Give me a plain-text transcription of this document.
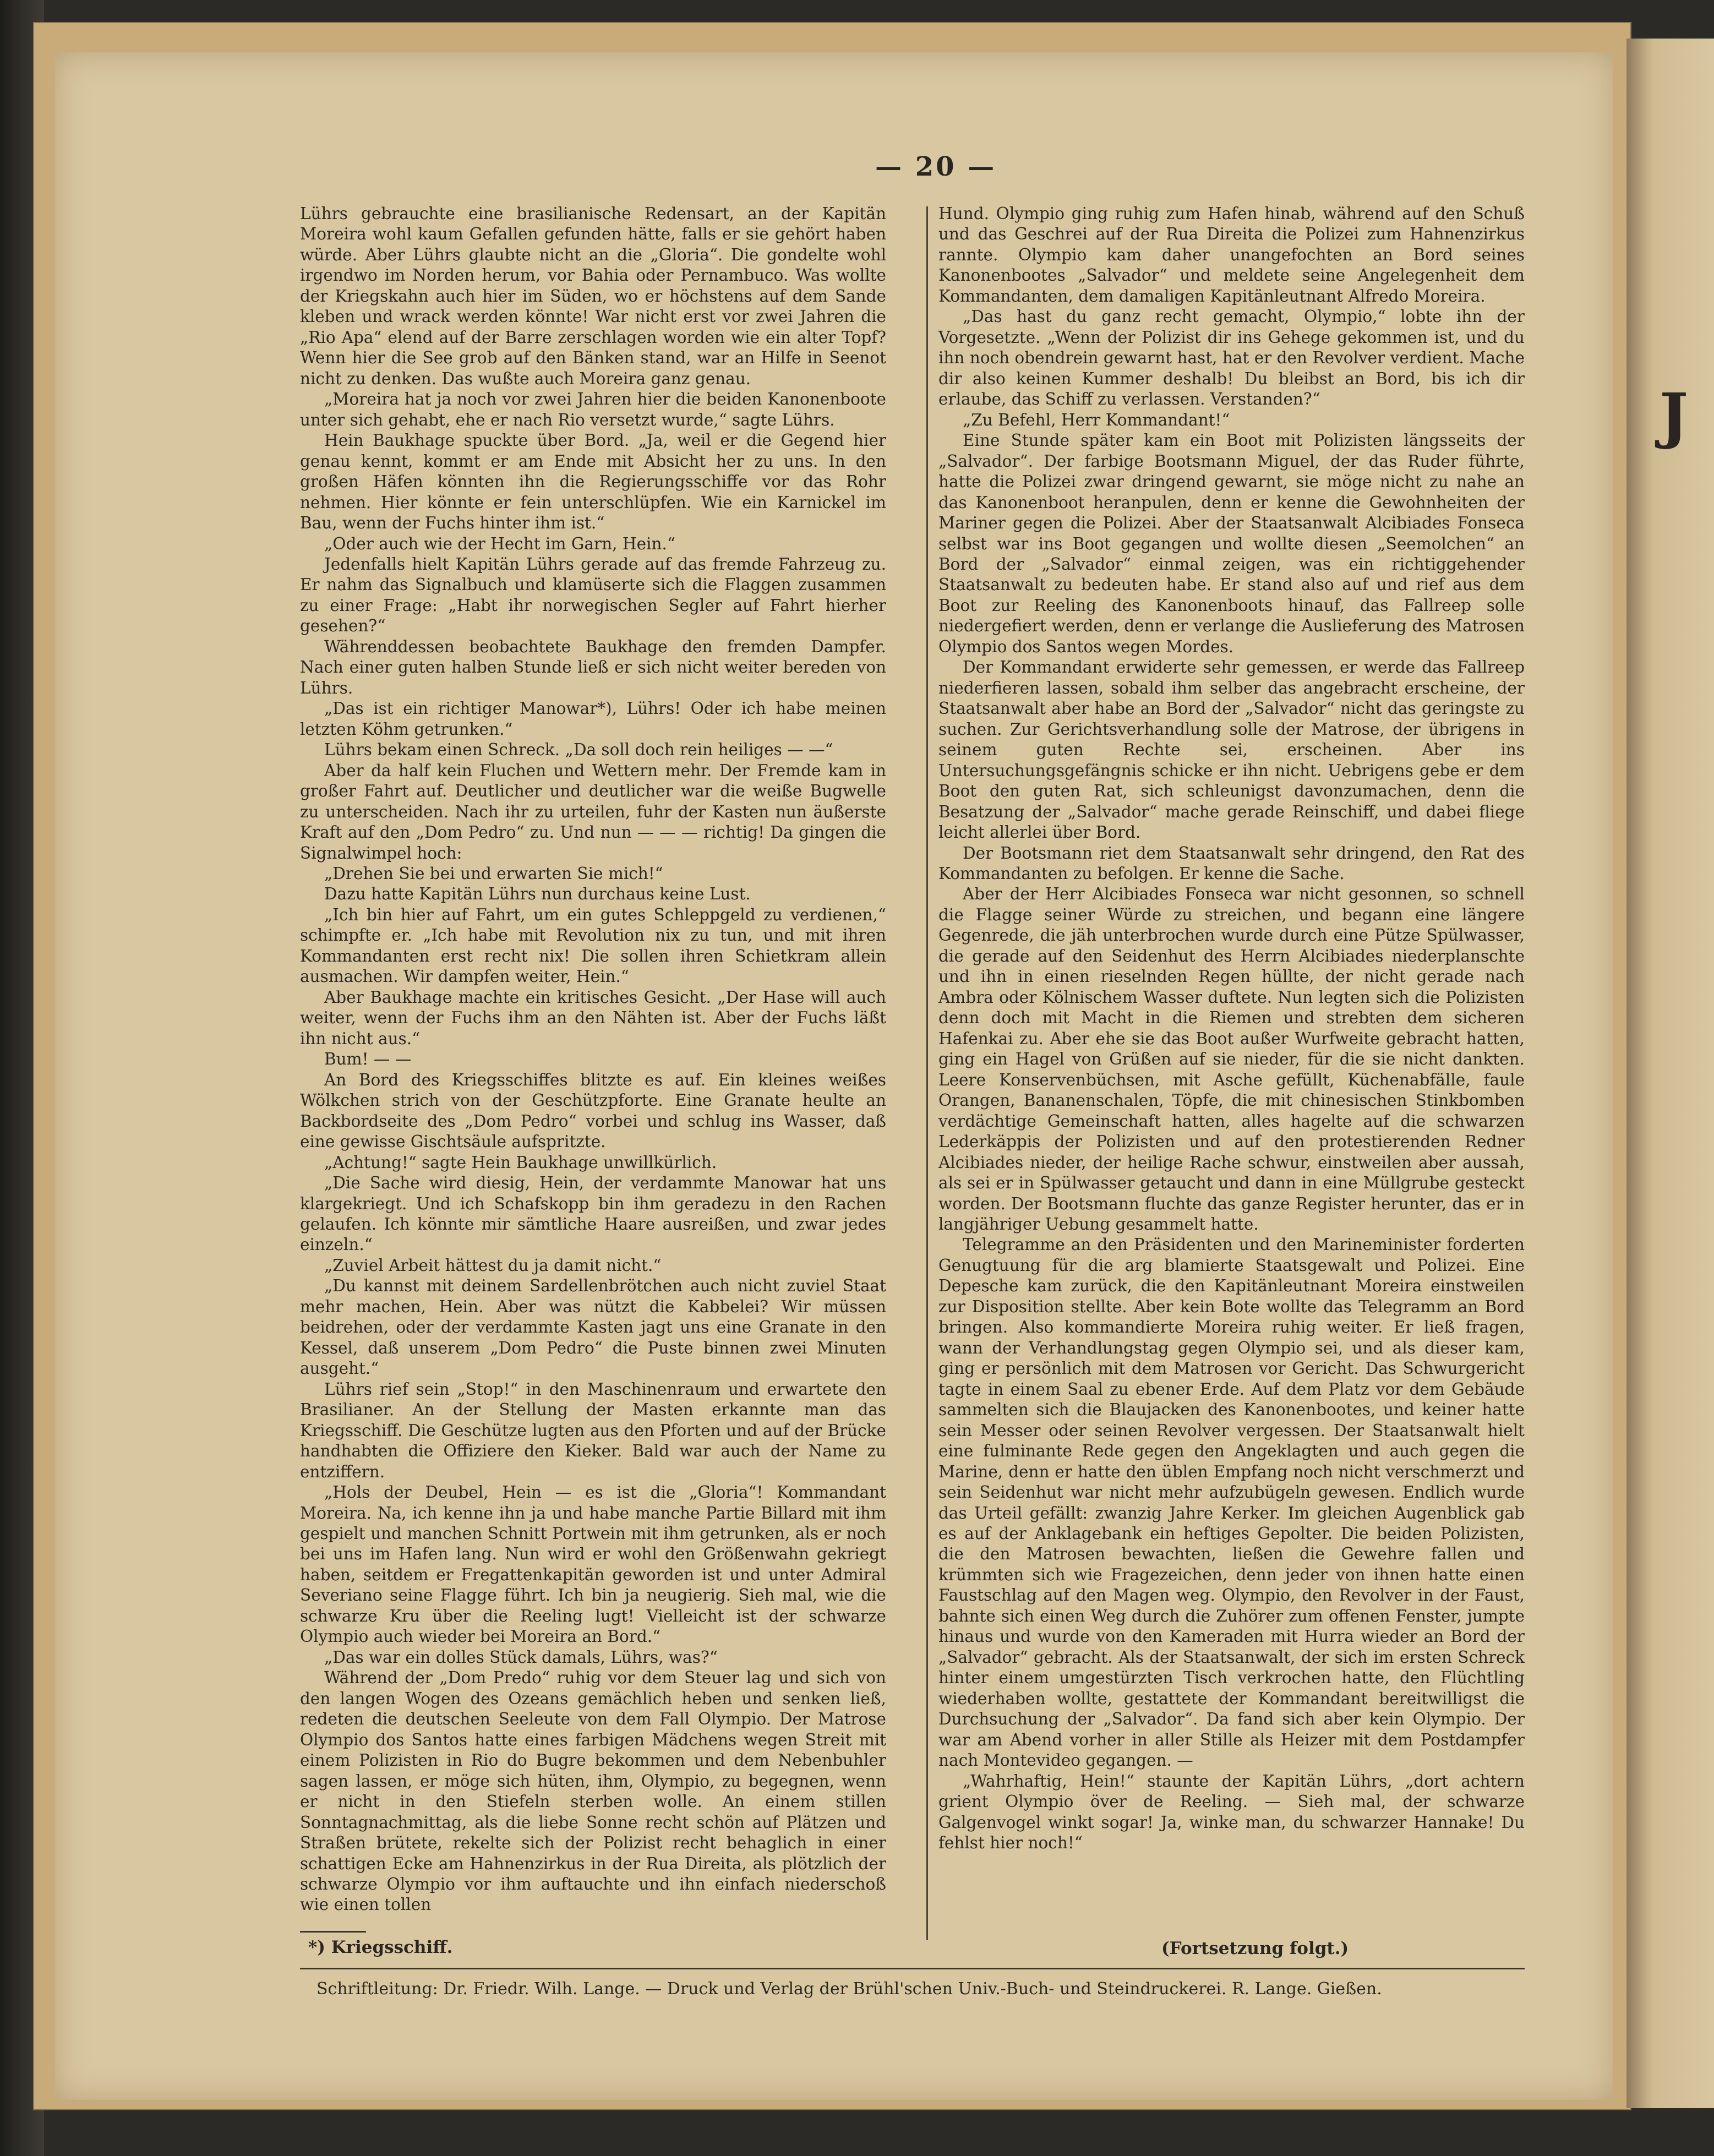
J
— 20 —

Lührs gebrauchte eine brasilianische Redensart, an der Kapitän Moreira wohl kaum Gefallen gefunden hätte, falls er sie gehört haben würde. Aber Lührs glaubte nicht an die „Gloria“. Die gondelte wohl irgendwo im Norden herum, vor Bahia oder Pernambuco. Was wollte der Kriegskahn auch hier im Süden, wo er höchstens auf dem Sande kleben und wrack werden könnte! War nicht erst vor zwei Jahren die „Rio Apa“ elend auf der Barre zerschlagen worden wie ein alter Topf? Wenn hier die See grob auf den Bänken stand, war an Hilfe in Seenot nicht zu denken. Das wußte auch Moreira ganz genau.

„Moreira hat ja noch vor zwei Jahren hier die beiden Kanonenboote unter sich gehabt, ehe er nach Rio versetzt wurde,“ sagte Lührs.

Hein Baukhage spuckte über Bord. „Ja, weil er die Gegend hier genau kennt, kommt er am Ende mit Absicht her zu uns. In den großen Häfen könnten ihn die Regierungsschiffe vor das Rohr nehmen. Hier könnte er fein unterschlüpfen. Wie ein Karnickel im Bau, wenn der Fuchs hinter ihm ist.“

„Oder auch wie der Hecht im Garn, Hein.“

Jedenfalls hielt Kapitän Lührs gerade auf das fremde Fahrzeug zu. Er nahm das Signalbuch und klamüserte sich die Flaggen zusammen zu einer Frage: „Habt ihr norwegischen Segler auf Fahrt hierher gesehen?“

Währenddessen beobachtete Baukhage den fremden Dampfer. Nach einer guten halben Stunde ließ er sich nicht weiter bereden von Lührs.

„Das ist ein richtiger Manowar*), Lührs! Oder ich habe meinen letzten Köhm getrunken.“

Lührs bekam einen Schreck. „Da soll doch rein heiliges — —“

Aber da half kein Fluchen und Wettern mehr. Der Fremde kam in großer Fahrt auf. Deutlicher und deutlicher war die weiße Bugwelle zu unterscheiden. Nach ihr zu urteilen, fuhr der Kasten nun äußerste Kraft auf den „Dom Pedro“ zu. Und nun — — — richtig! Da gingen die Signalwimpel hoch:

„Drehen Sie bei und erwarten Sie mich!“

Dazu hatte Kapitän Lührs nun durchaus keine Lust.

„Ich bin hier auf Fahrt, um ein gutes Schleppgeld zu verdienen,“ schimpfte er. „Ich habe mit Revolution nix zu tun, und mit ihren Kommandanten erst recht nix! Die sollen ihren Schietkram allein ausmachen. Wir dampfen weiter, Hein.“

Aber Baukhage machte ein kritisches Gesicht. „Der Hase will auch weiter, wenn der Fuchs ihm an den Nähten ist. Aber der Fuchs läßt ihn nicht aus.“

Bum! — —

An Bord des Kriegsschiffes blitzte es auf. Ein kleines weißes Wölkchen strich von der Geschützpforte. Eine Granate heulte an Backbordseite des „Dom Pedro“ vorbei und schlug ins Wasser, daß eine gewisse Gischtsäule aufspritzte.

„Achtung!“ sagte Hein Baukhage unwillkürlich.

„Die Sache wird diesig, Hein, der verdammte Manowar hat uns klargekriegt. Und ich Schafskopp bin ihm geradezu in den Rachen gelaufen. Ich könnte mir sämtliche Haare ausreißen, und zwar jedes einzeln.“

„Zuviel Arbeit hättest du ja damit nicht.“

„Du kannst mit deinem Sardellenbrötchen auch nicht zuviel Staat mehr machen, Hein. Aber was nützt die Kabbelei? Wir müssen beidrehen, oder der verdammte Kasten jagt uns eine Granate in den Kessel, daß unserem „Dom Pedro“ die Puste binnen zwei Minuten ausgeht.“

Lührs rief sein „Stop!“ in den Maschinenraum und erwartete den Brasilianer. An der Stellung der Masten erkannte man das Kriegsschiff. Die Geschütze lugten aus den Pforten und auf der Brücke handhabten die Offiziere den Kieker. Bald war auch der Name zu entziffern.

„Hols der Deubel, Hein — es ist die „Gloria“! Kommandant Moreira. Na, ich kenne ihn ja und habe manche Partie Billard mit ihm gespielt und manchen Schnitt Portwein mit ihm getrunken, als er noch bei uns im Hafen lang. Nun wird er wohl den Größenwahn gekriegt haben, seitdem er Fregattenkapitän geworden ist und unter Admiral Severiano seine Flagge führt. Ich bin ja neugierig. Sieh mal, wie die schwarze Kru über die Reeling lugt! Vielleicht ist der schwarze Olympio auch wieder bei Moreira an Bord.“

„Das war ein dolles Stück damals, Lührs, was?“

Während der „Dom Predo“ ruhig vor dem Steuer lag und sich von den langen Wogen des Ozeans gemächlich heben und senken ließ, redeten die deutschen Seeleute von dem Fall Olympio. Der Matrose Olympio dos Santos hatte eines farbigen Mädchens wegen Streit mit einem Polizisten in Rio do Bugre bekommen und dem Nebenbuhler sagen lassen, er möge sich hüten, ihm, Olympio, zu begegnen, wenn er nicht in den Stiefeln sterben wolle. An einem stillen Sonntagnachmittag, als die liebe Sonne recht schön auf Plätzen und Straßen brütete, rekelte sich der Polizist recht behaglich in einer schattigen Ecke am Hahnenzirkus in der Rua Direita, als plötzlich der schwarze Olympio vor ihm auftauchte und ihn einfach niederschoß wie einen tollen

Hund. Olympio ging ruhig zum Hafen hinab, während auf den Schuß und das Geschrei auf der Rua Direita die Polizei zum Hahnenzirkus rannte. Olympio kam daher unangefochten an Bord seines Kanonenbootes „Salvador“ und meldete seine Angelegenheit dem Kommandanten, dem damaligen Kapitänleutnant Alfredo Moreira.

„Das hast du ganz recht gemacht, Olympio,“ lobte ihn der Vorgesetzte. „Wenn der Polizist dir ins Gehege gekommen ist, und du ihn noch obendrein gewarnt hast, hat er den Revolver verdient. Mache dir also keinen Kummer deshalb! Du bleibst an Bord, bis ich dir erlaube, das Schiff zu verlassen. Verstanden?“

„Zu Befehl, Herr Kommandant!“

Eine Stunde später kam ein Boot mit Polizisten längsseits der „Salvador“. Der farbige Bootsmann Miguel, der das Ruder führte, hatte die Polizei zwar dringend gewarnt, sie möge nicht zu nahe an das Kanonenboot heranpulen, denn er kenne die Gewohnheiten der Mariner gegen die Polizei. Aber der Staatsanwalt Alcibiades Fonseca selbst war ins Boot gegangen und wollte diesen „Seemolchen“ an Bord der „Salvador“ einmal zeigen, was ein richtiggehender Staatsanwalt zu bedeuten habe. Er stand also auf und rief aus dem Boot zur Reeling des Kanonenboots hinauf, das Fallreep solle niedergefiert werden, denn er verlange die Auslieferung des Matrosen Olympio dos Santos wegen Mordes.

Der Kommandant erwiderte sehr gemessen, er werde das Fallreep niederfieren lassen, sobald ihm selber das angebracht erscheine, der Staatsanwalt aber habe an Bord der „Salvador“ nicht das geringste zu suchen. Zur Gerichtsverhandlung solle der Matrose, der übrigens in seinem guten Rechte sei, erscheinen. Aber ins Untersuchungsgefängnis schicke er ihn nicht. Uebrigens gebe er dem Boot den guten Rat, sich schleunigst davonzumachen, denn die Besatzung der „Salvador“ mache gerade Reinschiff, und dabei fliege leicht allerlei über Bord.

Der Bootsmann riet dem Staatsanwalt sehr dringend, den Rat des Kommandanten zu befolgen. Er kenne die Sache.

Aber der Herr Alcibiades Fonseca war nicht gesonnen, so schnell die Flagge seiner Würde zu streichen, und begann eine längere Gegenrede, die jäh unterbrochen wurde durch eine Pütze Spülwasser, die gerade auf den Seidenhut des Herrn Alcibiades niederplanschte und ihn in einen rieselnden Regen hüllte, der nicht gerade nach Ambra oder Kölnischem Wasser duftete. Nun legten sich die Polizisten denn doch mit Macht in die Riemen und strebten dem sicheren Hafenkai zu. Aber ehe sie das Boot außer Wurfweite gebracht hatten, ging ein Hagel von Grüßen auf sie nieder, für die sie nicht dankten. Leere Konservenbüchsen, mit Asche gefüllt, Küchenabfälle, faule Orangen, Bananenschalen, Töpfe, die mit chinesischen Stinkbomben verdächtige Gemeinschaft hatten, alles hagelte auf die schwarzen Lederkäppis der Polizisten und auf den protestierenden Redner Alcibiades nieder, der heilige Rache schwur, einstweilen aber aussah, als sei er in Spülwasser getaucht und dann in eine Müllgrube gesteckt worden. Der Bootsmann fluchte das ganze Register herunter, das er in langjähriger Uebung gesammelt hatte.

Telegramme an den Präsidenten und den Marineminister forderten Genugtuung für die arg blamierte Staatsgewalt und Polizei. Eine Depesche kam zurück, die den Kapitänleutnant Moreira einstweilen zur Disposition stellte. Aber kein Bote wollte das Telegramm an Bord bringen. Also kommandierte Moreira ruhig weiter. Er ließ fragen, wann der Verhandlungstag gegen Olympio sei, und als dieser kam, ging er persönlich mit dem Matrosen vor Gericht. Das Schwurgericht tagte in einem Saal zu ebener Erde. Auf dem Platz vor dem Gebäude sammelten sich die Blaujacken des Kanonenbootes, und keiner hatte sein Messer oder seinen Revolver vergessen. Der Staatsanwalt hielt eine fulminante Rede gegen den Angeklagten und auch gegen die Marine, denn er hatte den üblen Empfang noch nicht verschmerzt und sein Seidenhut war nicht mehr aufzubügeln gewesen. Endlich wurde das Urteil gefällt: zwanzig Jahre Kerker. Im gleichen Augenblick gab es auf der Anklagebank ein heftiges Gepolter. Die beiden Polizisten, die den Matrosen bewachten, ließen die Gewehre fallen und krümmten sich wie Fragezeichen, denn jeder von ihnen hatte einen Faustschlag auf den Magen weg. Olympio, den Revolver in der Faust, bahnte sich einen Weg durch die Zuhörer zum offenen Fenster, jumpte hinaus und wurde von den Kameraden mit Hurra wieder an Bord der „Salvador“ gebracht. Als der Staatsanwalt, der sich im ersten Schreck hinter einem umgestürzten Tisch verkrochen hatte, den Flüchtling wiederhaben wollte, gestattete der Kommandant bereitwilligst die Durchsuchung der „Salvador“. Da fand sich aber kein Olympio. Der war am Abend vorher in aller Stille als Heizer mit dem Postdampfer nach Montevideo gegangen. —

„Wahrhaftig, Hein!“ staunte der Kapitän Lührs, „dort achtern grient Olympio över de Reeling. — Sieh mal, der schwarze Galgenvogel winkt sogar! Ja, winke man, du schwarzer Hannake! Du fehlst hier noch!“

*) Kriegsschiff.	(Fortsetzung folgt.)
Schriftleitung: Dr. Friedr. Wilh. Lange. — Druck und Verlag der Brühl'schen Univ.-Buch- und Steindruckerei. R. Lange. Gießen.
